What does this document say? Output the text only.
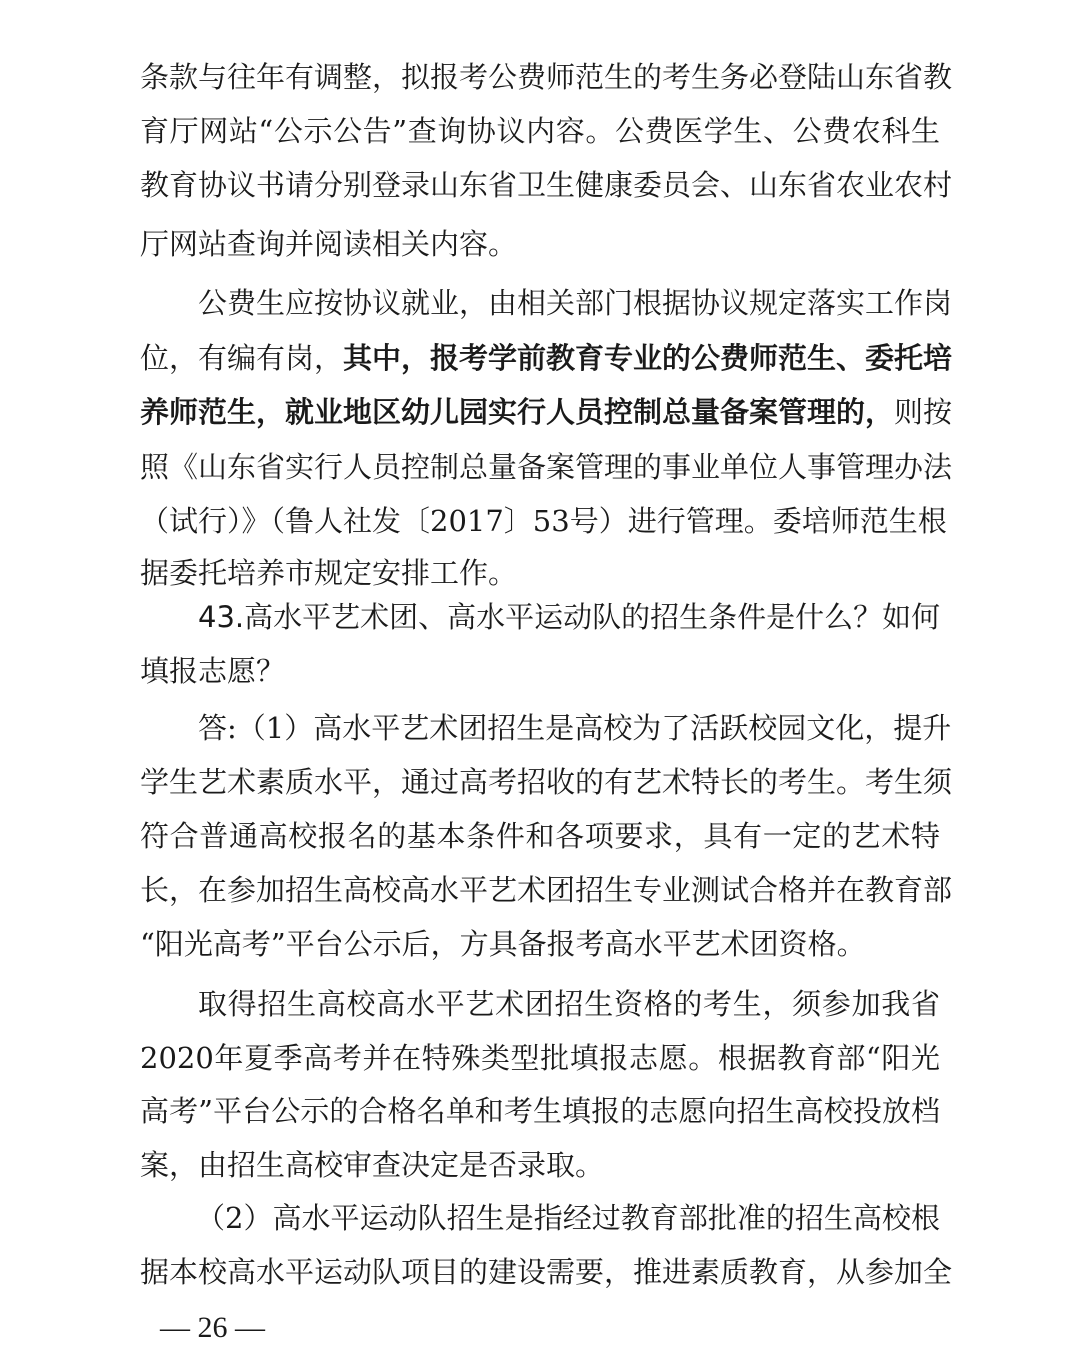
条款与往年有调整，拟报考公费师范生的考生务必登陆山东省教
育厅网站“公示公告”查询协议内容。公费医学生、公费农科生
教育协议书请分别登录山东省卫生健康委员会、山东省农业农村
厅网站查询并阅读相关内容。
公费生应按协议就业，由相关部门根据协议规定落实工作岗
位，有编有岗，其中，报考学前教育专业的公费师范生、委托培
养师范生，就业地区幼儿园实行人员控制总量备案管理的，则按
照《山东省实行人员控制总量备案管理的事业单位人事管理办法
（试行）》（鲁人社发〔2017〕53号）进行管理。委培师范生根
据委托培养市规定安排工作。
43.高水平艺术团、高水平运动队的招生条件是什么？如何
填报志愿？
答:（1）高水平艺术团招生是高校为了活跃校园文化，提升
学生艺术素质水平，通过高考招收的有艺术特长的考生。考生须
符合普通高校报名的基本条件和各项要求，具有一定的艺术特
长，在参加招生高校高水平艺术团招生专业测试合格并在教育部
“阳光高考”平台公示后，方具备报考高水平艺术团资格。
取得招生高校高水平艺术团招生资格的考生，须参加我省
2020年夏季高考并在特殊类型批填报志愿。根据教育部“阳光
高考”平台公示的合格名单和考生填报的志愿向招生高校投放档
案，由招生高校审查决定是否录取。
（2）高水平运动队招生是指经过教育部批准的招生高校根
据本校高水平运动队项目的建设需要，推进素质教育，从参加全
— 26 —
